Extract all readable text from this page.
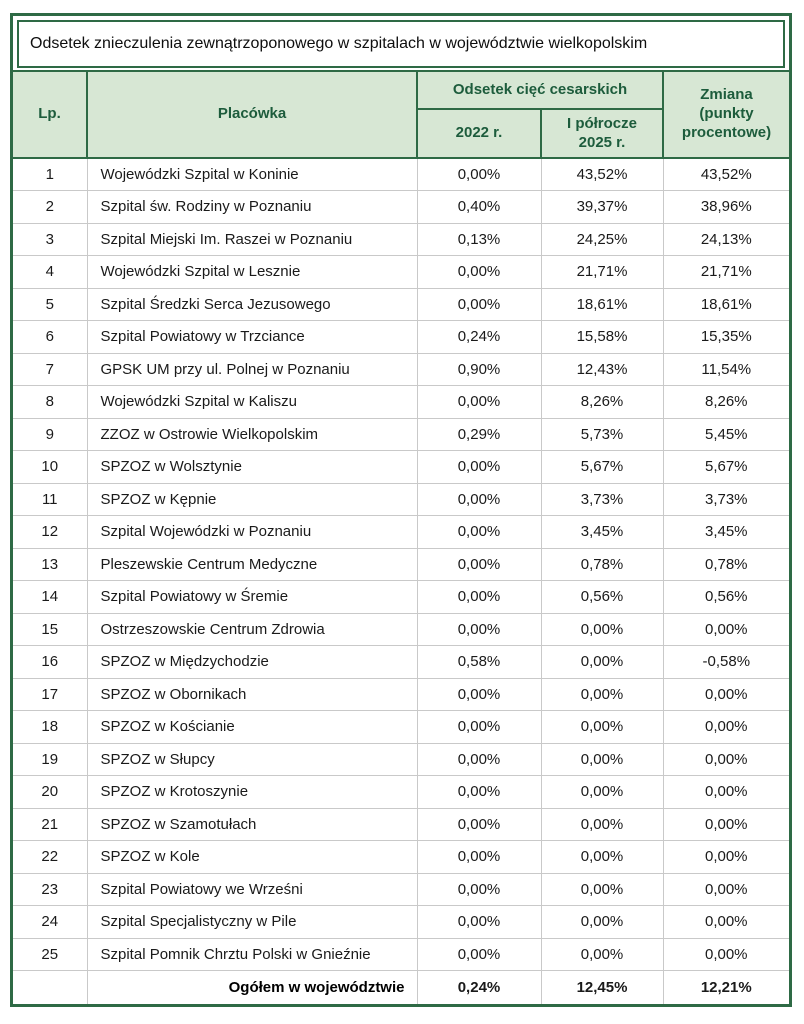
Odsetek znieczulenia zewnątrzoponowego w szpitalach w województwie wielkopolskim
Lp.	Placówka	Odsetek cięć cesarskich		Zmiana (punkty procentowe)
		2022 r.	I półrocze 2025 r.	
1	Wojewódzki Szpital w Koninie	0,00%	43,52%	43,52%
2	Szpital św. Rodziny w Poznaniu	0,40%	39,37%	38,96%
3	Szpital Miejski Im. Raszei w Poznaniu	0,13%	24,25%	24,13%
4	Wojewódzki Szpital w Lesznie	0,00%	21,71%	21,71%
5	Szpital Średzki Serca Jezusowego	0,00%	18,61%	18,61%
6	Szpital Powiatowy w Trzciance	0,24%	15,58%	15,35%
7	GPSK UM przy ul. Polnej w Poznaniu	0,90%	12,43%	11,54%
8	Wojewódzki Szpital w Kaliszu	0,00%	8,26%	8,26%
9	ZZOZ w Ostrowie Wielkopolskim	0,29%	5,73%	5,45%
10	SPZOZ w Wolsztynie	0,00%	5,67%	5,67%
11	SPZOZ w Kępnie	0,00%	3,73%	3,73%
12	Szpital Wojewódzki w Poznaniu	0,00%	3,45%	3,45%
13	Pleszewskie Centrum Medyczne	0,00%	0,78%	0,78%
14	Szpital Powiatowy w Śremie	0,00%	0,56%	0,56%
15	Ostrzeszowskie Centrum Zdrowia	0,00%	0,00%	0,00%
16	SPZOZ w Międzychodzie	0,58%	0,00%	-0,58%
17	SPZOZ w Obornikach	0,00%	0,00%	0,00%
18	SPZOZ w Kościanie	0,00%	0,00%	0,00%
19	SPZOZ w Słupcy	0,00%	0,00%	0,00%
20	SPZOZ w Krotoszynie	0,00%	0,00%	0,00%
21	SPZOZ w Szamotułach	0,00%	0,00%	0,00%
22	SPZOZ w Kole	0,00%	0,00%	0,00%
23	Szpital Powiatowy we Wrześni	0,00%	0,00%	0,00%
24	Szpital Specjalistyczny w Pile	0,00%	0,00%	0,00%
25	Szpital Pomnik Chrztu Polski w Gnieźnie	0,00%	0,00%	0,00%
	Ogółem w województwie	0,24%	12,45%	12,21%
